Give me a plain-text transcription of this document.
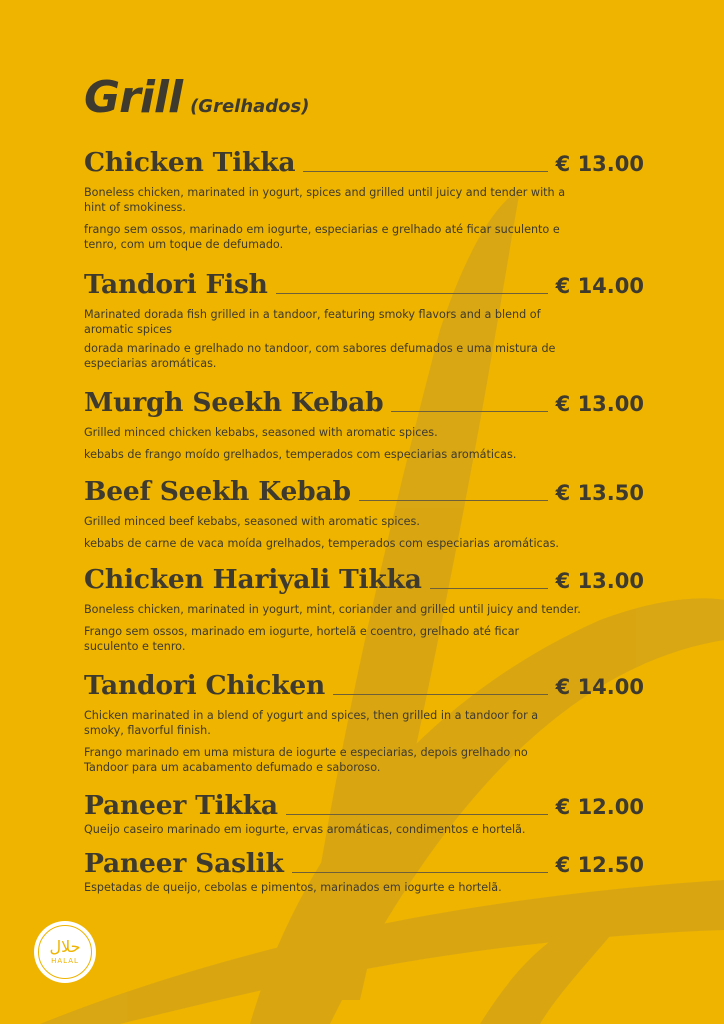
Grill (Grelhados)
Chicken Tikka	€ 13.00

Boneless chicken, marinated in yogurt, spices and grilled until juicy and tender with a hint of smokiness.

frango sem ossos, marinado em iogurte, especiarias e grelhado até ficar suculento e tenro, com um toque de defumado.

Tandori Fish	€ 14.00

Marinated dorada fish grilled in a tandoor, featuring smoky flavors and a blend of aromatic spices

dorada marinado e grelhado no tandoor, com sabores defumados e uma mistura de especiarias aromáticas.

Murgh Seekh Kebab	€ 13.00

Grilled minced chicken kebabs, seasoned with aromatic spices.

kebabs de frango moído grelhados, temperados com especiarias aromáticas.

Beef Seekh Kebab	€ 13.50

Grilled minced beef kebabs, seasoned with aromatic spices.

kebabs de carne de vaca moída grelhados, temperados com especiarias aromáticas.

Chicken Hariyali Tikka	€ 13.00

Boneless chicken, marinated in yogurt, mint, coriander and grilled until juicy and tender.

Frango sem ossos, marinado em iogurte, hortelã e coentro, grelhado até ficar suculento e tenro.

Tandori Chicken	€ 14.00

Chicken marinated in a blend of yogurt and spices, then grilled in a tandoor for a smoky, flavorful finish.

Frango marinado em uma mistura de iogurte e especiarias, depois grelhado no Tandoor para um acabamento defumado e saboroso.

Paneer Tikka	€ 12.00

Queijo caseiro marinado em iogurte, ervas aromáticas, condimentos e hortelã.

Paneer Saslik	€ 12.50

Espetadas de queijo, cebolas e pimentos, marinados em iogurte e hortelã.

حلال
HALAL
